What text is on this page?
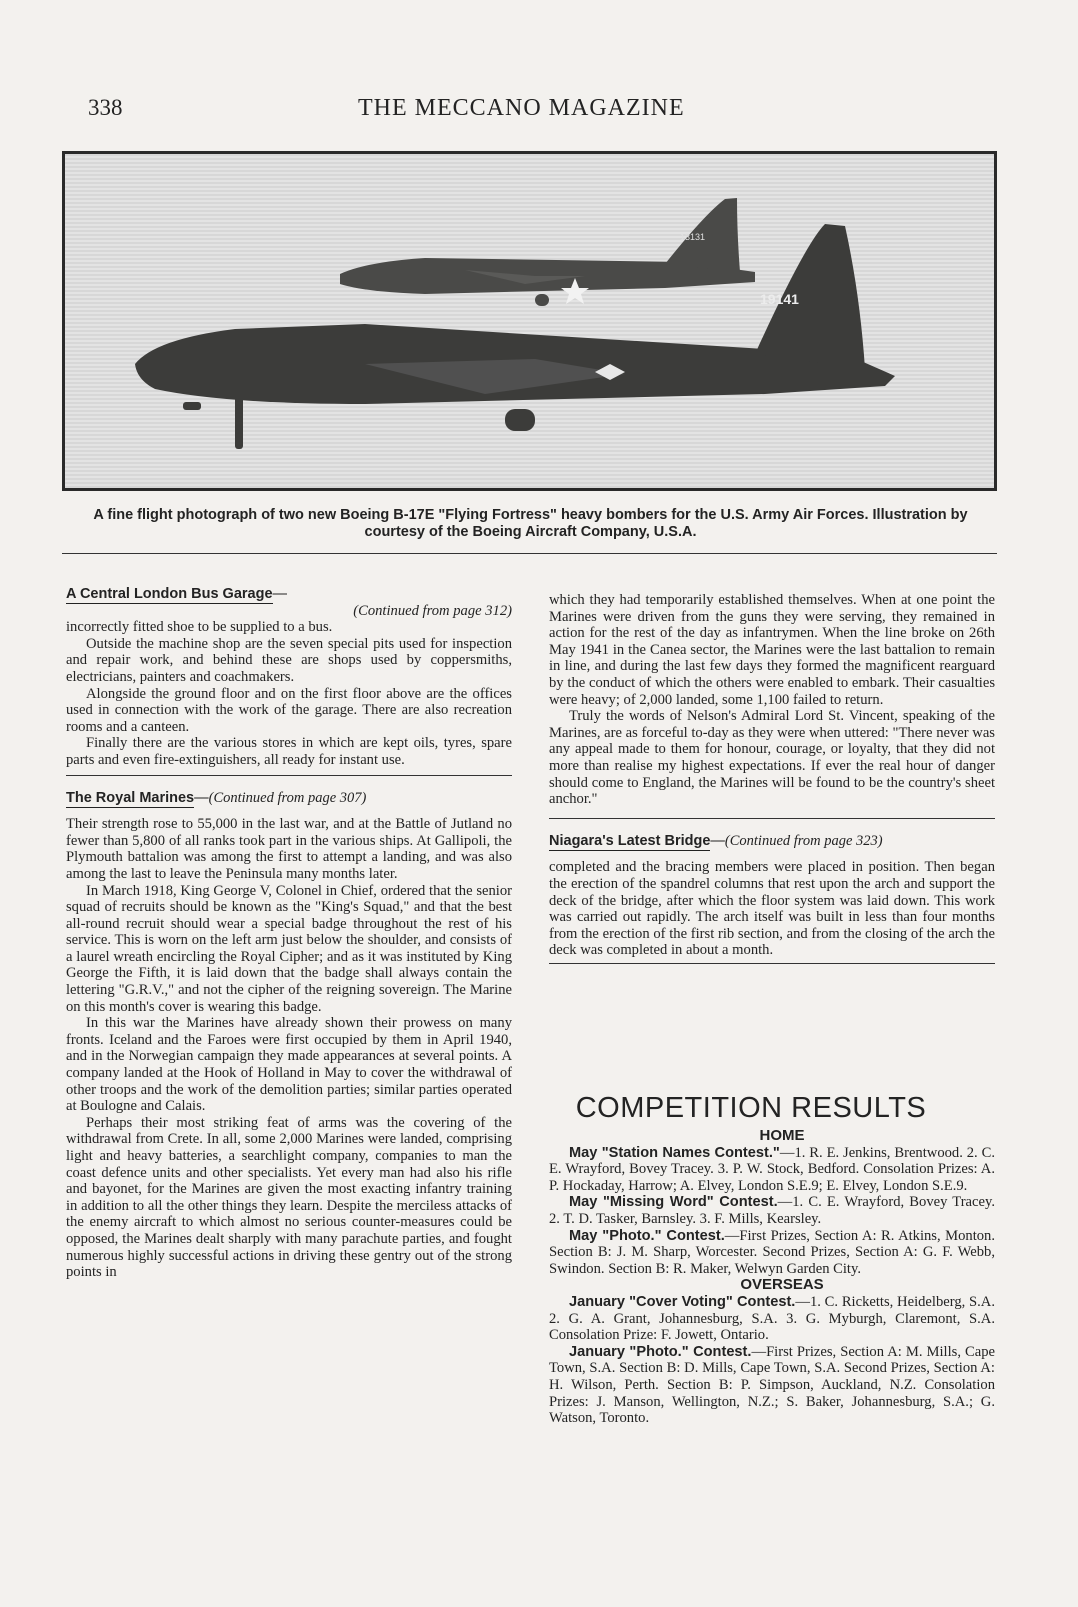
338	THE MECCANO MAGAZINE
13131
19141
A fine flight photograph of two new Boeing B-17E "Flying Fortress" heavy bombers for the U.S. Army Air Forces. Illustration by courtesy of the Boeing Aircraft Company, U.S.A.
A Central London Bus Garage—

(Continued from page 312)

incorrectly fitted shoe to be supplied to a bus.

Outside the machine shop are the seven special pits used for inspection and repair work, and behind these are shops used by coppersmiths, electricians, painters and coachmakers.

Alongside the ground floor and on the first floor above are the offices used in connection with the work of the garage. There are also recreation rooms and a canteen.

Finally there are the various stores in which are kept oils, tyres, spare parts and even fire-extinguishers, all ready for instant use.

The Royal Marines—(Continued from page 307)

Their strength rose to 55,000 in the last war, and at the Battle of Jutland no fewer than 5,800 of all ranks took part in the various ships. At Gallipoli, the Plymouth battalion was among the first to attempt a landing, and was also among the last to leave the Peninsula many months later.

In March 1918, King George V, Colonel in Chief, ordered that the senior squad of recruits should be known as the "King's Squad," and that the best all-round recruit should wear a special badge throughout the rest of his service. This is worn on the left arm just below the shoulder, and consists of a laurel wreath encircling the Royal Cipher; and as it was instituted by King George the Fifth, it is laid down that the badge shall always contain the lettering "G.R.V.," and not the cipher of the reigning sovereign. The Marine on this month's cover is wearing this badge.

In this war the Marines have already shown their prowess on many fronts. Iceland and the Faroes were first occupied by them in April 1940, and in the Norwegian campaign they made appearances at several points. A company landed at the Hook of Holland in May to cover the withdrawal of other troops and the work of the demolition parties; similar parties operated at Boulogne and Calais.

Perhaps their most striking feat of arms was the covering of the withdrawal from Crete. In all, some 2,000 Marines were landed, comprising light and heavy batteries, a searchlight company, companies to man the coast defence units and other specialists. Yet every man had also his rifle and bayonet, for the Marines are given the most exacting infantry training in addition to all the other things they learn. Despite the merciless attacks of the enemy aircraft to which almost no serious counter-measures could be opposed, the Marines dealt sharply with many parachute parties, and fought numerous highly successful actions in driving these gentry out of the strong points in

which they had temporarily established themselves. When at one point the Marines were driven from the guns they were serving, they remained in action for the rest of the day as infantrymen. When the line broke on 26th May 1941 in the Canea sector, the Marines were the last battalion to remain in line, and during the last few days they formed the magnificent rearguard by the conduct of which the others were enabled to embark. Their casualties were heavy; of 2,000 landed, some 1,100 failed to return.

Truly the words of Nelson's Admiral Lord St. Vincent, speaking of the Marines, are as forceful to-day as they were when uttered: "There never was any appeal made to them for honour, courage, or loyalty, that they did not more than realise my highest expectations. If ever the real hour of danger should come to England, the Marines will be found to be the country's sheet anchor."

Niagara's Latest Bridge—(Continued from page 323)

completed and the bracing members were placed in position. Then began the erection of the spandrel columns that rest upon the arch and support the deck of the bridge, after which the floor system was laid down. This work was carried out rapidly. The arch itself was built in less than four months from the erection of the first rib section, and from the closing of the arch the deck was completed in about a month.

COMPETITION RESULTS

HOME

May "Station Names Contest."—1. R. E. Jenkins, Brentwood. 2. C. E. Wrayford, Bovey Tracey. 3. P. W. Stock, Bedford. Consolation Prizes: A. P. Hockaday, Harrow; A. Elvey, London S.E.9; E. Elvey, London S.E.9.

May "Missing Word" Contest.—1. C. E. Wrayford, Bovey Tracey. 2. T. D. Tasker, Barnsley. 3. F. Mills, Kearsley.

May "Photo." Contest.—First Prizes, Section A: R. Atkins, Monton. Section B: J. M. Sharp, Worcester. Second Prizes, Section A: G. F. Webb, Swindon. Section B: R. Maker, Welwyn Garden City.

OVERSEAS

January "Cover Voting" Contest.—1. C. Ricketts, Heidelberg, S.A. 2. G. A. Grant, Johannesburg, S.A. 3. G. Myburgh, Claremont, S.A. Consolation Prize: F. Jowett, Ontario.

January "Photo." Contest.—First Prizes, Section A: M. Mills, Cape Town, S.A. Section B: D. Mills, Cape Town, S.A. Second Prizes, Section A: H. Wilson, Perth. Section B: P. Simpson, Auckland, N.Z. Consolation Prizes: J. Manson, Wellington, N.Z.; S. Baker, Johannesburg, S.A.; G. Watson, Toronto.
